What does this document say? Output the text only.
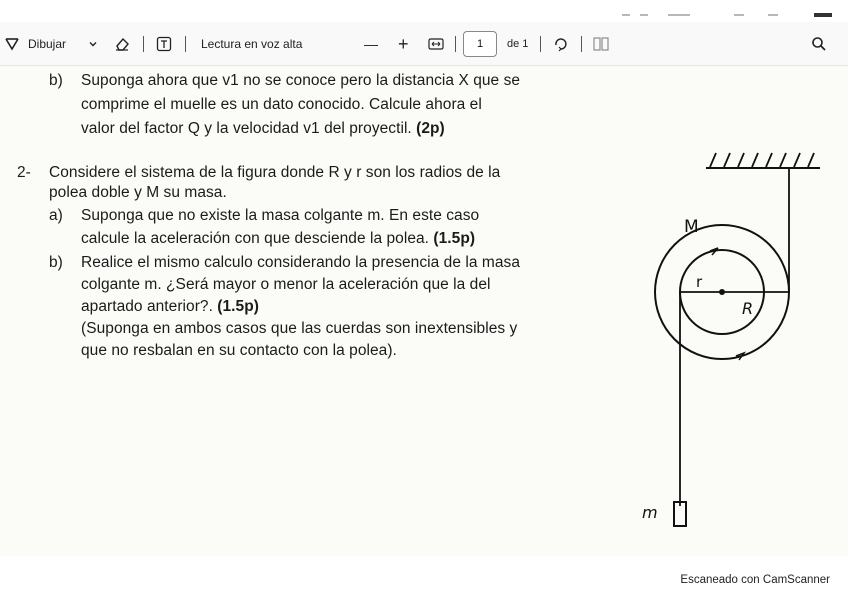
Dibujar	Lectura en voz alta	— +	1	de 1
b) Suponga ahora que v1 no se conoce pero la distancia X que se
comprime el muelle es un dato conocido. Calcule ahora el
valor del factor Q y la velocidad v1 del proyectil. (2p)
2- Considere el sistema de la figura donde R y r son los radios de la
polea doble y M su masa.
a) Suponga que no existe la masa colgante m. En este caso
calcule la aceleración con que desciende la polea. (1.5p)
b) Realice el mismo calculo considerando la presencia de la masa
colgante m. ¿Será mayor o menor la aceleración que la del
apartado anterior?. (1.5p)
(Suponga en ambos casos que las cuerdas son inextensibles y
que no resbalan en su contacto con la polea).
M
r
R
m
Escaneado con CamScanner
